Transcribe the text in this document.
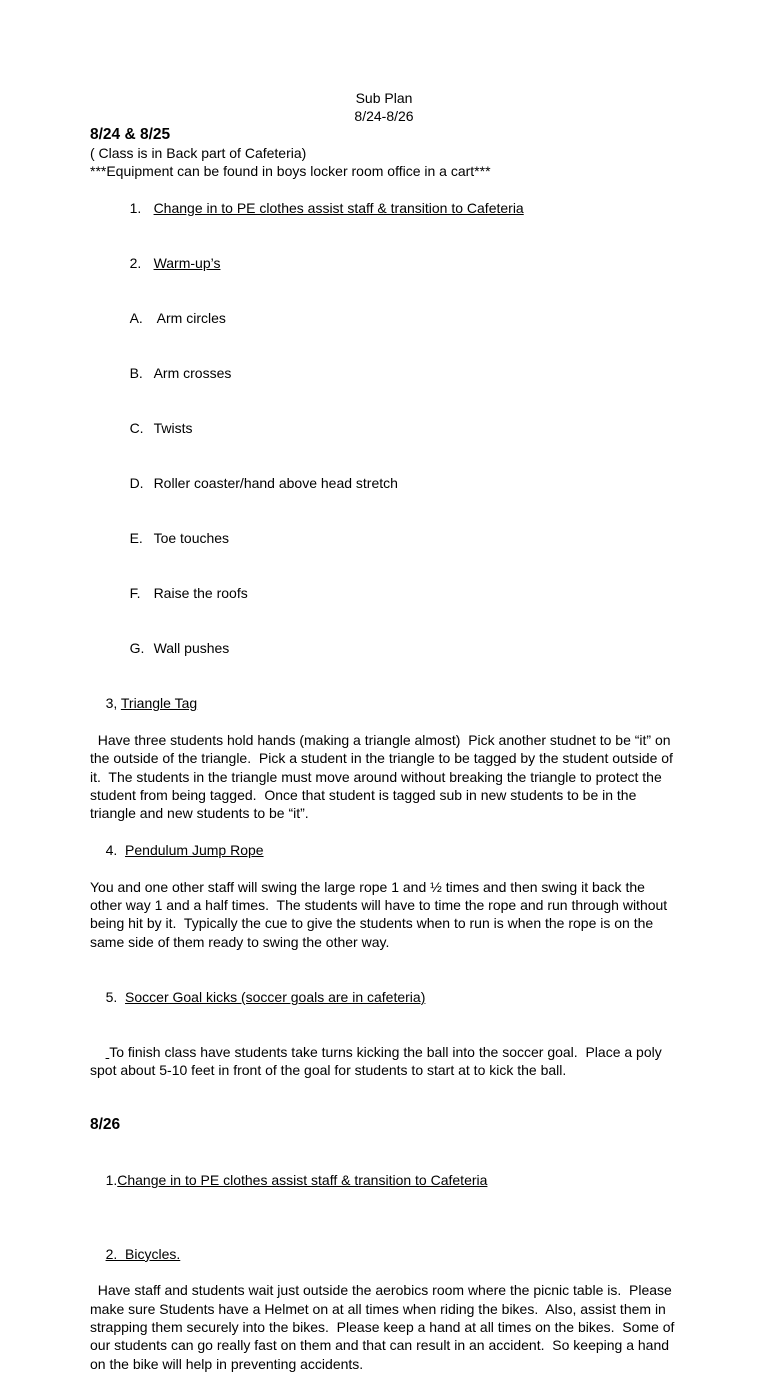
Sub Plan

8/24-8/26

8/24 & 8/25

( Class is in Back part of Cafeteria)

***Equipment can be found in boys locker room office in a cart***

1. Change in to PE clothes assist staff & transition to Cafeteria

2. Warm-up’s

A. Arm circles

B. Arm crosses

C. Twists

D. Roller coaster/hand above head stretch

E. Toe touches

F. Raise the roofs

G. Wall pushes

3, Triangle Tag

Have three students hold hands (making a triangle almost)  Pick another studnet to be “it” on the outside of the triangle.  Pick a student in the triangle to be tagged by the student outside of it.  The students in the triangle must move around without breaking the triangle to protect the student from being tagged.  Once that student is tagged sub in new students to be in the triangle and new students to be “it”.

4.  Pendulum Jump Rope

You and one other staff will swing the large rope 1 and ½ times and then swing it back the other way 1 and a half times.  The students will have to time the rope and run through without being hit by it.  Typically the cue to give the students when to run is when the rope is on the same side of them ready to swing the other way.

5.  Soccer Goal kicks (soccer goals are in cafeteria)

To finish class have students take turns kicking the ball into the soccer goal.  Place a poly spot about 5-10 feet in front of the goal for students to start at to kick the ball.

8/26

1.Change in to PE clothes assist staff & transition to Cafeteria

2.  Bicycles.

Have staff and students wait just outside the aerobics room where the picnic table is.  Please make sure Students have a Helmet on at all times when riding the bikes.  Also, assist them in strapping them securely into the bikes.  Please keep a hand at all times on the bikes.  Some of our students can go really fast on them and that can result in an accident.  So keeping a hand on the bike will help in preventing accidents.
